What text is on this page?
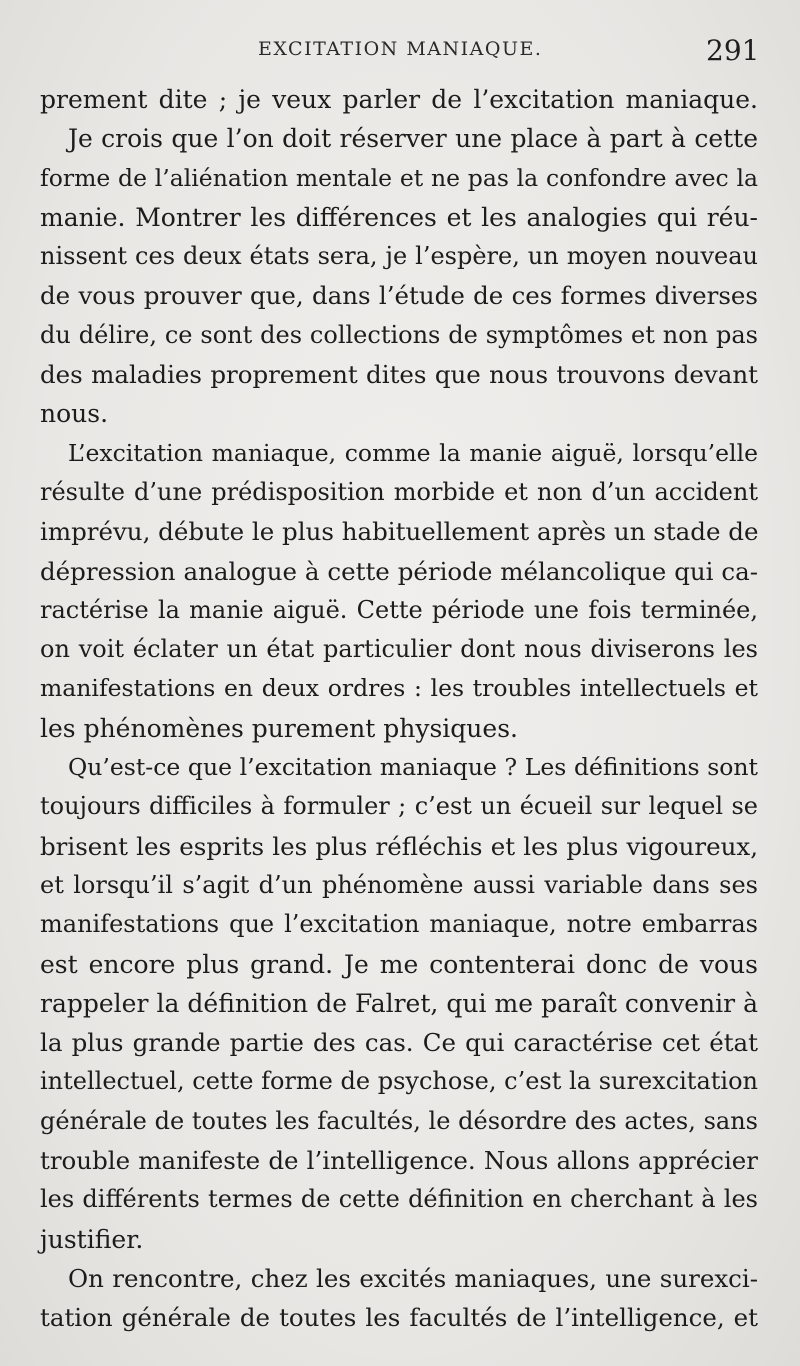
EXCITATION MANIAQUE.	291
prement dite ; je veux parler de l’excitation maniaque.
Je crois que l’on doit réserver une place à part à cette
forme de l’aliénation mentale et ne pas la confondre avec la
manie. Montrer les différences et les analogies qui réu-
nissent ces deux états sera, je l’espère, un moyen nouveau
de vous prouver que, dans l’étude de ces formes diverses
du délire, ce sont des collections de symptômes et non pas
des maladies proprement dites que nous trouvons devant
nous.
L’excitation maniaque, comme la manie aiguë, lorsqu’elle
résulte d’une prédisposition morbide et non d’un accident
imprévu, débute le plus habituellement après un stade de
dépression analogue à cette période mélancolique qui ca-
ractérise la manie aiguë. Cette période une fois terminée,
on voit éclater un état particulier dont nous diviserons les
manifestations en deux ordres : les troubles intellectuels et
les phénomènes purement physiques.
Qu’est-ce que l’excitation maniaque ? Les définitions sont
toujours difficiles à formuler ; c’est un écueil sur lequel se
brisent les esprits les plus réfléchis et les plus vigoureux,
et lorsqu’il s’agit d’un phénomène aussi variable dans ses
manifestations que l’excitation maniaque, notre embarras
est encore plus grand. Je me contenterai donc de vous
rappeler la définition de Falret, qui me paraît convenir à
la plus grande partie des cas. Ce qui caractérise cet état
intellectuel, cette forme de psychose, c’est la surexcitation
générale de toutes les facultés, le désordre des actes, sans
trouble manifeste de l’intelligence. Nous allons apprécier
les différents termes de cette définition en cherchant à les
justifier.
On rencontre, chez les excités maniaques, une surexci-
tation générale de toutes les facultés de l’intelligence, et
